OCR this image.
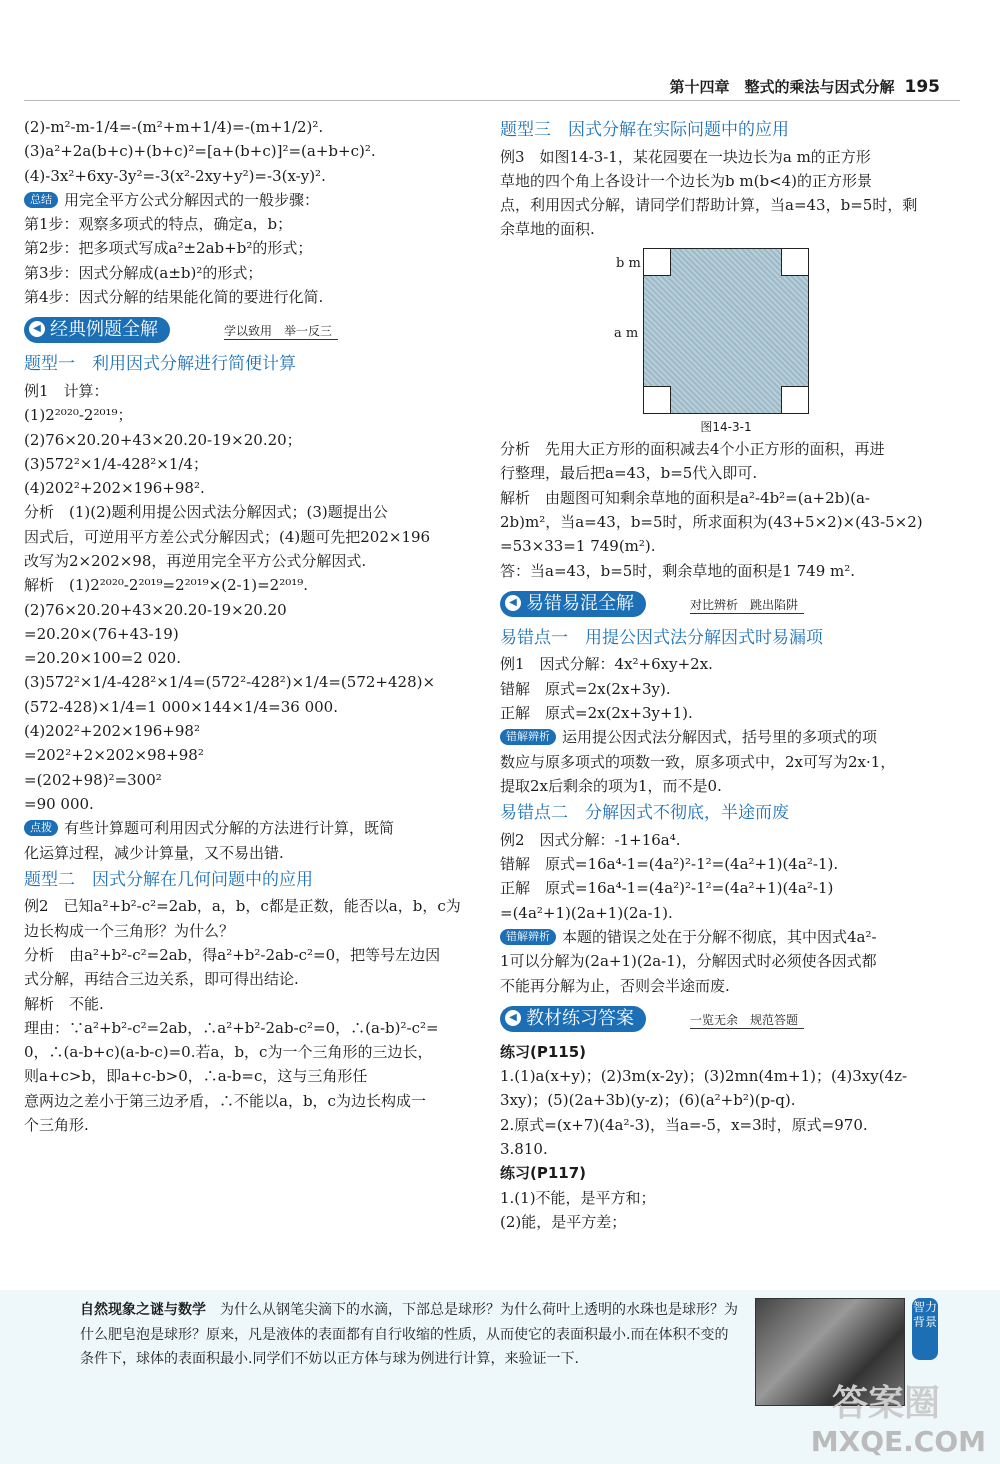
第十四章　整式的乘法与因式分解 195
(2)-m²-m-1/4=-(m²+m+1/4)=-(m+1/2)².
(3)a²+2a(b+c)+(b+c)²=[a+(b+c)]²=(a+b+c)².
(4)-3x²+6xy-3y²=-3(x²-2xy+y²)=-3(x-y)².
总结 用完全平方公式分解因式的一般步骤：
第1步：观察多项式的特点，确定a，b；
第2步：把多项式写成a²±2ab+b²的形式；
第3步：因式分解成(a±b)²的形式；
第4步：因式分解的结果能化简的要进行化简.
◀ 经典例题全解	学以致用　举一反三
题型一　利用因式分解进行简便计算
例1　计算：
(1)2²⁰²⁰-2²⁰¹⁹；
(2)76×20.20+43×20.20-19×20.20；
(3)572²×1/4-428²×1/4；
(4)202²+202×196+98².
分析　(1)(2)题利用提公因式法分解因式；(3)题提出公
因式后，可逆用平方差公式分解因式；(4)题可先把202×196
改写为2×202×98，再逆用完全平方公式分解因式.
解析　(1)2²⁰²⁰-2²⁰¹⁹=2²⁰¹⁹×(2-1)=2²⁰¹⁹.
(2)76×20.20+43×20.20-19×20.20
=20.20×(76+43-19)
=20.20×100=2 020.
(3)572²×1/4-428²×1/4=(572²-428²)×1/4=(572+428)×
(572-428)×1/4=1 000×144×1/4=36 000.
(4)202²+202×196+98²
=202²+2×202×98+98²
=(202+98)²=300²
=90 000.
点拨 有些计算题可利用因式分解的方法进行计算，既简
化运算过程，减少计算量，又不易出错.
题型二　因式分解在几何问题中的应用
例2　已知a²+b²-c²=2ab，a，b，c都是正数，能否以a，b，c为
边长构成一个三角形？为什么？
分析　由a²+b²-c²=2ab，得a²+b²-2ab-c²=0，把等号左边因
式分解，再结合三边关系，即可得出结论.
解析　不能.
理由：∵a²+b²-c²=2ab，∴a²+b²-2ab-c²=0，∴(a-b)²-c²=
0，∴(a-b+c)(a-b-c)=0.若a，b，c为一个三角形的三边长，
则a+c>b，即a+c-b>0，∴a-b=c，这与三角形任
意两边之差小于第三边矛盾，∴不能以a，b，c为边长构成一
个三角形.
题型三　因式分解在实际问题中的应用
例3　如图14-3-1，某花园要在一块边长为a m的正方形
草地的四个角上各设计一个边长为b m(b<4)的正方形景
点，利用因式分解，请同学们帮助计算，当a=43，b=5时，剩
余草地的面积.
b m
a m
图14-3-1
分析　先用大正方形的面积减去4个小正方形的面积，再进
行整理，最后把a=43，b=5代入即可.
解析　由题图可知剩余草地的面积是a²-4b²=(a+2b)(a-
2b)m²，当a=43，b=5时，所求面积为(43+5×2)×(43-5×2)
=53×33=1 749(m²).
答：当a=43，b=5时，剩余草地的面积是1 749 m².
◀ 易错易混全解	对比辨析　跳出陷阱
易错点一　用提公因式法分解因式时易漏项
例1　因式分解：4x²+6xy+2x.
错解　原式=2x(2x+3y).
正解　原式=2x(2x+3y+1).
错解辨析 运用提公因式法分解因式，括号里的多项式的项
数应与原多项式的项数一致，原多项式中，2x可写为2x·1，
提取2x后剩余的项为1，而不是0.
易错点二　分解因式不彻底，半途而废
例2　因式分解：-1+16a⁴.
错解　原式=16a⁴-1=(4a²)²-1²=(4a²+1)(4a²-1).
正解　原式=16a⁴-1=(4a²)²-1²=(4a²+1)(4a²-1)
=(4a²+1)(2a+1)(2a-1).
错解辨析 本题的错误之处在于分解不彻底，其中因式4a²-
1可以分解为(2a+1)(2a-1)，分解因式时必须使各因式都
不能再分解为止，否则会半途而废.
◀ 教材练习答案	一览无余　规范答题
练习(P115)
1.(1)a(x+y)；(2)3m(x-2y)；(3)2mn(4m+1)；(4)3xy(4z-
3xy)；(5)(2a+3b)(y-z)；(6)(a²+b²)(p-q).
2.原式=(x+7)(4a²-3)，当a=-5，x=3时，原式=970.
3.810.
练习(P117)
1.(1)不能，是平方和；
(2)能，是平方差；
自然现象之谜与数学　 为什么从钢笔尖滴下的水滴，下部总是球形？为什么荷叶上透明的水珠也是球形？为什么肥皂泡是球形？原来，凡是液体的表面都有自行收缩的性质，从而使它的表面积最小.而在体积不变的条件下，球体的表面积最小.同学们不妨以正方体与球为例进行计算，来验证一下.
智力背景
答案圈
MXQE.COM
